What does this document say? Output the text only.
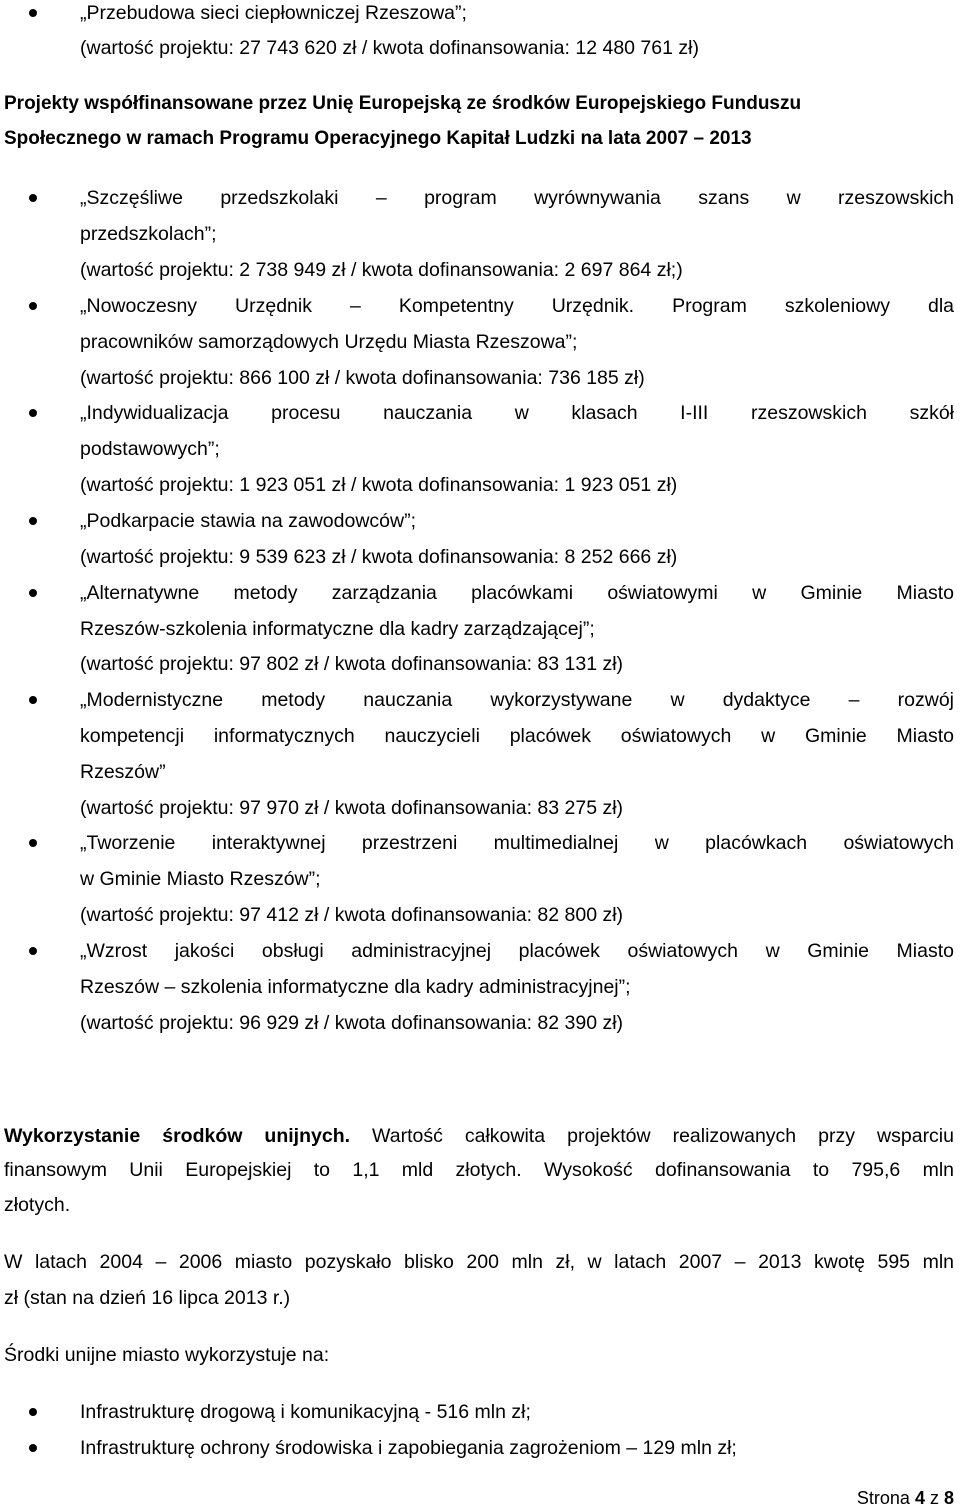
„Przebudowa sieci ciepłowniczej Rzeszowa”;
(wartość projektu: 27 743 620 zł / kwota dofinansowania: 12 480 761 zł)
Projekty współfinansowane przez Unię Europejską ze środków Europejskiego Funduszu
Społecznego w ramach Programu Operacyjnego Kapitał Ludzki na lata 2007 – 2013
„Szczęśliwe przedszkolaki – program wyrównywania szans w rzeszowskich
przedszkolach”;
(wartość projektu: 2 738 949 zł / kwota dofinansowania: 2 697 864 zł;)
„Nowoczesny Urzędnik – Kompetentny Urzędnik. Program szkoleniowy dla
pracowników samorządowych Urzędu Miasta Rzeszowa”;
(wartość projektu: 866 100 zł / kwota dofinansowania: 736 185 zł)
„Indywidualizacja procesu nauczania w klasach I-III rzeszowskich szkół
podstawowych”;
(wartość projektu: 1 923 051 zł / kwota dofinansowania: 1 923 051 zł)
„Podkarpacie stawia na zawodowców”;
(wartość projektu: 9 539 623 zł / kwota dofinansowania: 8 252 666 zł)
„Alternatywne metody zarządzania placówkami oświatowymi w Gminie Miasto
Rzeszów-szkolenia informatyczne dla kadry zarządzającej”;
(wartość projektu: 97 802 zł / kwota dofinansowania: 83 131 zł)
„Modernistyczne metody nauczania wykorzystywane w dydaktyce – rozwój
kompetencji informatycznych nauczycieli placówek oświatowych w Gminie Miasto
Rzeszów”
(wartość projektu: 97 970 zł / kwota dofinansowania: 83 275 zł)
„Tworzenie interaktywnej przestrzeni multimedialnej w placówkach oświatowych
w Gminie Miasto Rzeszów”;
(wartość projektu: 97 412 zł / kwota dofinansowania: 82 800 zł)
„Wzrost jakości obsługi administracyjnej placówek oświatowych w Gminie Miasto
Rzeszów – szkolenia informatyczne dla kadry administracyjnej”;
(wartość projektu: 96 929 zł / kwota dofinansowania: 82 390 zł)
Wykorzystanie środków unijnych. Wartość całkowita projektów realizowanych przy wsparciu
finansowym Unii Europejskiej to 1,1 mld złotych. Wysokość dofinansowania to 795,6 mln
złotych.
W latach 2004 – 2006 miasto pozyskało blisko 200 mln zł, w latach 2007 – 2013 kwotę 595 mln
zł (stan na dzień 16 lipca 2013 r.)
Środki unijne miasto wykorzystuje na:
Infrastrukturę drogową i komunikacyjną - 516 mln zł;
Infrastrukturę ochrony środowiska i zapobiegania zagrożeniom – 129 mln zł;
Strona 4 z 8
